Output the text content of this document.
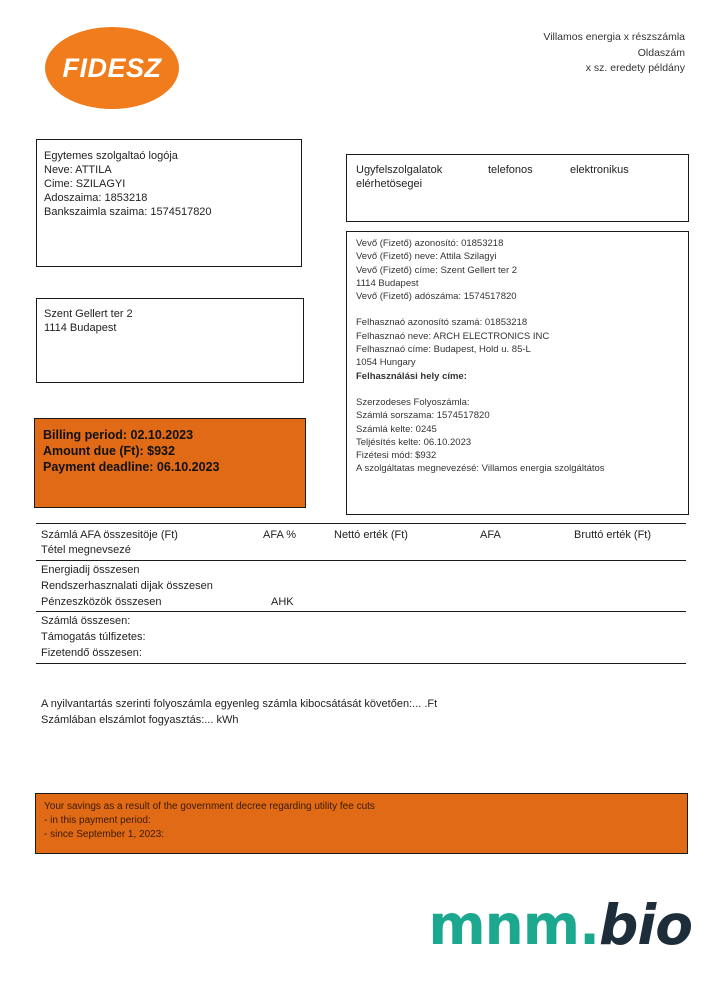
FIDESZ
Villamos energia x részszámla
Oldaszám
x sz. eredety példány
Egytemes szolgaltaó logója
Neve: ATTILA
Cime: SZILAGYI
Adoszaima: 1853218
Bankszaimla szaima: 1574517820
Ugyfelszolgalatok	telefonos	elektronikus
elérhetösegei
Szent Gellert ter 2
1114 Budapest
Vevő (Fizető) azonosító: 01853218
Vevő (Fizető) neve: Attila Szilagyi
Vevő (Fizető) címe: Szent Gellert ter 2
1114 Budapest
Vevő (Fizető) adószáma: 1574517820
Felhasznaó azonosító szamá: 01853218
Felhasznaó neve: ARCH ELECTRONICS INC
Felhasznaó címe: Budapest, Hold u. 85-L
1054 Hungary
Felhasználási hely címe:
Szerzodeses Folyoszámla:
Számlá sorszama: 1574517820
Számlá kelte: 0245
Teljésítés kelte: 06.10.2023
Fizétesi mód: $932
A szolgáltatas megnevezésé: Villamos energia szolgáltátos
Billing period: 02.10.2023
Amount due (Ft): $932
Payment deadline: 06.10.2023
Számlá AFA összesitöje (Ft)	AFA %	Nettó erték (Ft)	AFA	Bruttó erték (Ft)
Tétel megnevsezé
Energiadij összesen
Rendszerhasznalati dijak összesen
Pénzeszközök összesen	AHK
Számlá összesen:
Támogatás túlfizetes:
Fizetendő összesen:
A nyilvantartás szerinti folyoszámla egyenleg számla kibocsátását követően:... .Ft
Számlában elszámlot fogyasztás:... kWh
Your savings as a result of the government decree regarding utility fee cuts
- in this payment period:
- since September 1, 2023:
mnm.bio
